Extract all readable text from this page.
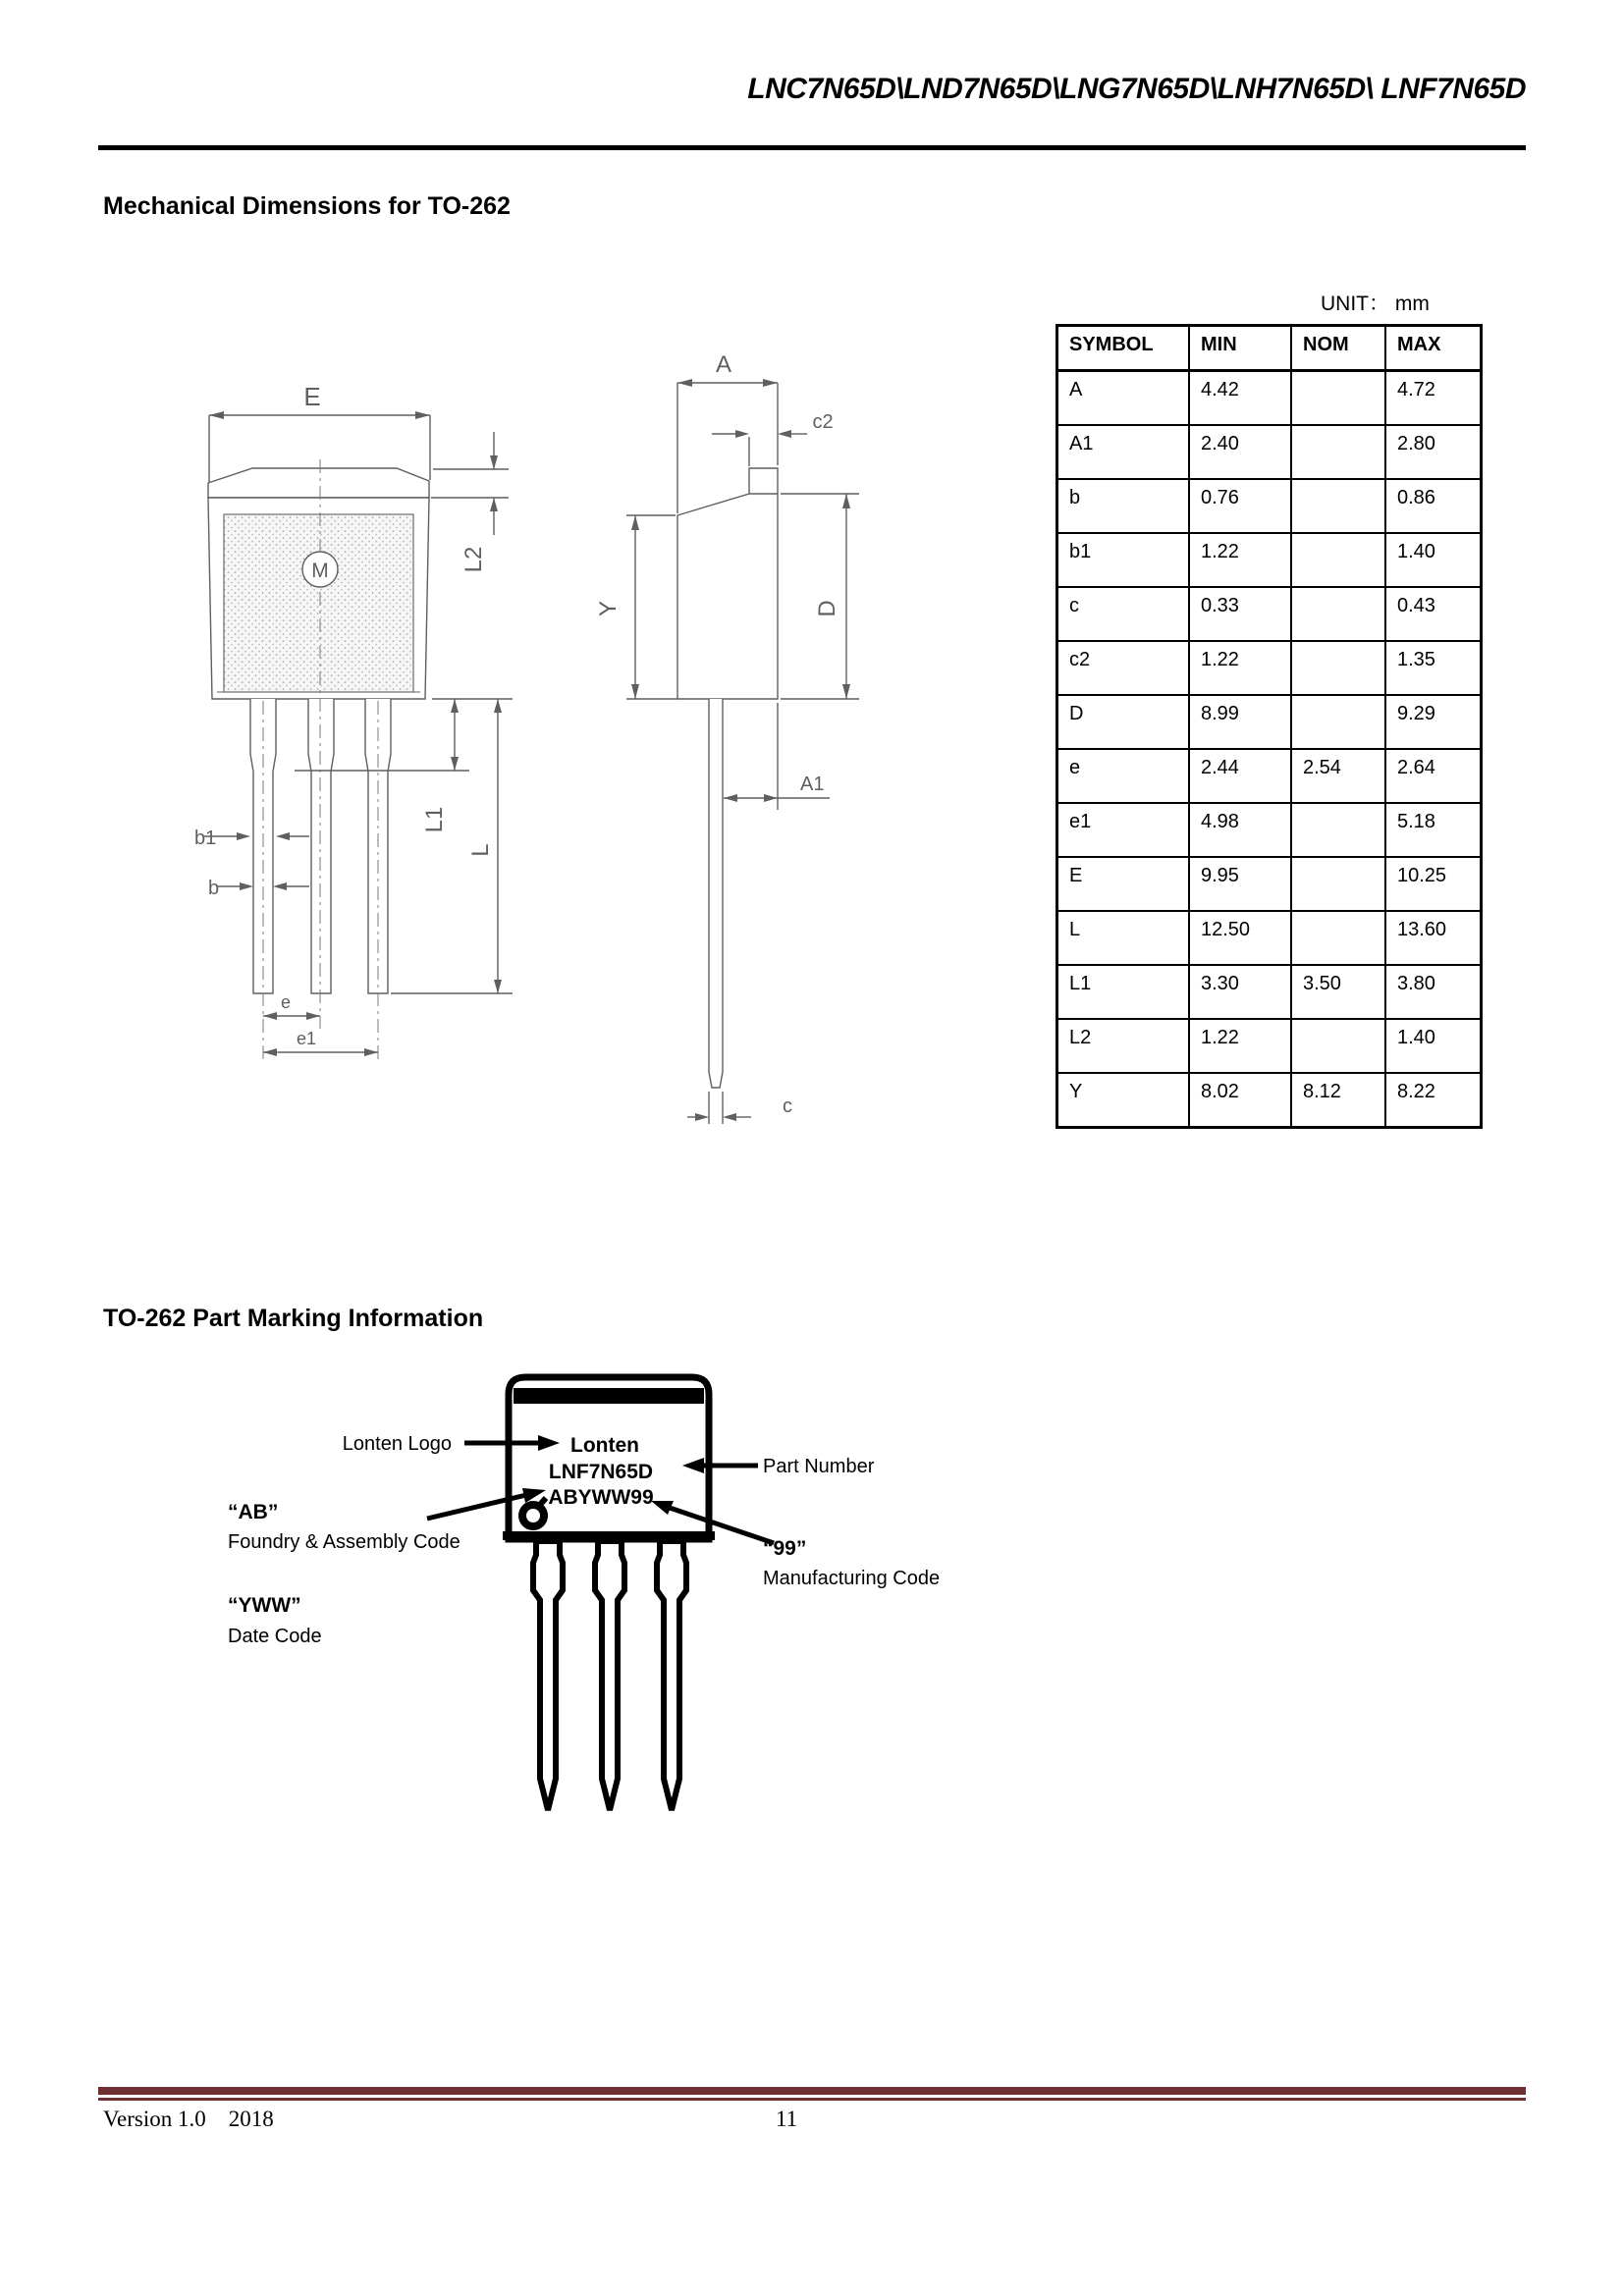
LNC7N65D\LND7N65D\LNG7N65D\LNH7N65D\ LNF7N65D
Mechanical Dimensions for TO-262
E
M	L2
b1
b
L1
L
e
e1
A
c2
Y	D
A1
c
UNIT： mm
SYMBOL	MIN	NOM	MAX
A	4.42		4.72
A1	2.40		2.80
b	0.76		0.86
b1	1.22		1.40
c	0.33		0.43
c2	1.22		1.35
D	8.99		9.29
e	2.44	2.54	2.64
e1	4.98		5.18
E	9.95		10.25
L	12.50		13.60
L1	3.30	3.50	3.80
L2	1.22		1.40
Y	8.02	8.12	8.22
TO-262 Part Marking Information
Lonten
LNF7N65D
ABYWW99
Lonten Logo
Part Number
“AB”
Foundry & Assembly Code	“99”
Manufacturing Code
“YWW”
Date Code
Version 1.0    2018	11
